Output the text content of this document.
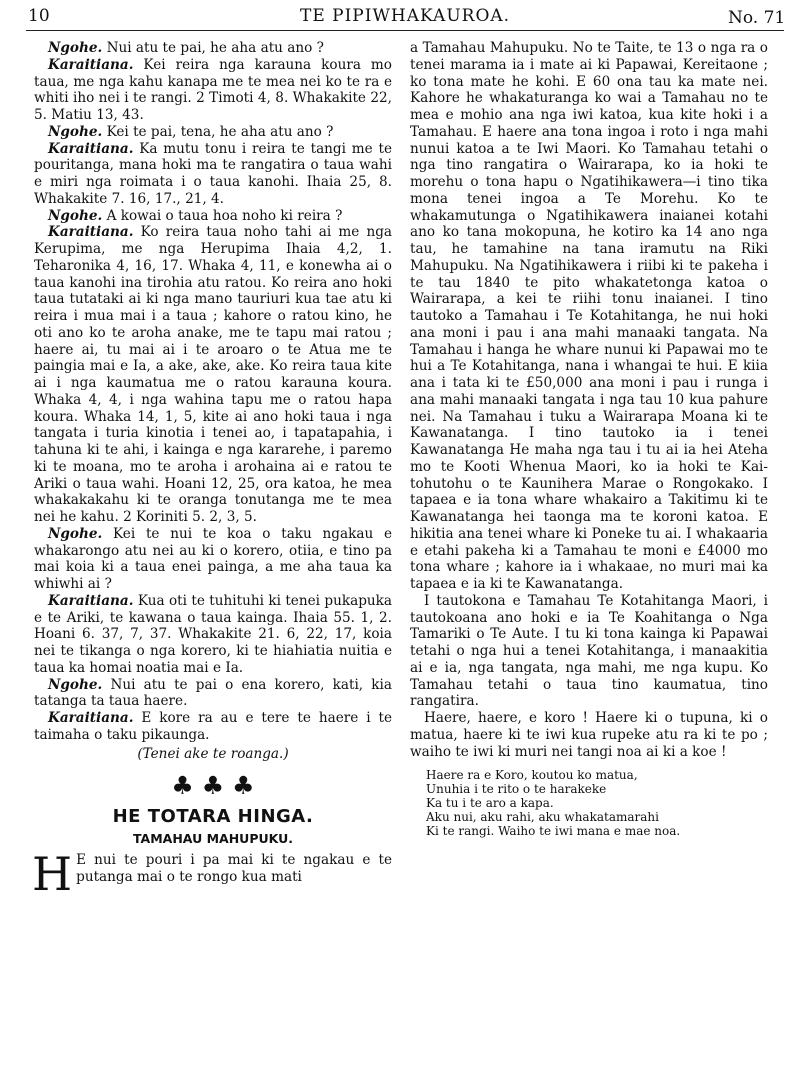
10	TE PIPIWHAKAUROA.	No. 71

Ngohe. Nui atu te pai, he aha atu ano ?

Karaitiana. Kei reira nga karauna koura mo taua, me nga kahu kanapa me te mea nei ko te ra e whiti iho nei i te rangi. 2 Timoti 4, 8. Whakakite 22, 5. Matiu 13, 43.

Ngohe. Kei te pai, tena, he aha atu ano ?

Karaitiana. Ka mutu tonu i reira te tangi me te pouritanga, mana hoki ma te rangatira o taua wahi e miri nga roimata i o taua kanohi. Ihaia 25, 8. Whakakite 7. 16, 17., 21, 4.

Ngohe. A kowai o taua hoa noho ki reira ?

Karaitiana. Ko reira taua noho tahi ai me nga Kerupima, me nga Herupima Ihaia 4,2, 1. Teharonika 4, 16, 17. Whaka 4, 11, e konewha ai o taua kanohi ina tirohia atu ratou. Ko reira ano hoki taua tutataki ai ki nga mano tauriuri kua tae atu ki reira i mua mai i a taua ; kahore o ratou kino, he oti ano ko te aroha anake, me te tapu mai ratou ; haere ai, tu mai ai i te aroaro o te Atua me te paingia mai e Ia, a ake, ake, ake. Ko reira taua kite ai i nga kaumatua me o ratou karauna koura. Whaka 4, 4, i nga wahina tapu me o ratou hapa koura. Whaka 14, 1, 5, kite ai ano hoki taua i nga tangata i turia kinotia i tenei ao, i tapatapahia, i tahuna ki te ahi, i kainga e nga kararehe, i paremo ki te moana, mo te aroha i arohaina ai e ratou te Ariki o taua wahi. Hoani 12, 25, ora katoa, he mea whakakakahu ki te oranga tonutanga me te mea nei he kahu. 2 Koriniti 5. 2, 3, 5.

Ngohe. Kei te nui te koa o taku ngakau e whakarongo atu nei au ki o korero, otiia, e tino pa mai koia ki a taua enei painga, a me aha taua ka whiwhi ai ?

Karaitiana. Kua oti te tuhituhi ki tenei pukapuka e te Ariki, te kawana o taua kainga. Ihaia 55. 1, 2. Hoani 6. 37, 7, 37. Whakakite 21. 6, 22, 17, koia nei te tikanga o nga korero, ki te hiahiatia nuitia e taua ka homai noatia mai e Ia.

Ngohe. Nui atu te pai o ena korero, kati, kia tatanga ta taua haere.

Karaitiana. E kore ra au e tere te haere i te taimaha o taku pikaunga.

(Tenei ake te roanga.)

♣ ♣ ♣
HE TOTARA HINGA.
TAMAHAU MAHUPUKU.

H E nui te pouri i pa mai ki te ngakau e te putanga mai o te rongo kua mati

a Tamahau Mahupuku. No te Taite, te 13 o nga ra o tenei marama ia i mate ai ki Papawai, Kereitaone ; ko tona mate he kohi. E 60 ona tau ka mate nei. Kahore he whakaturanga ko wai a Tamahau no te mea e mohio ana nga iwi katoa, kua kite hoki i a Tamahau. E haere ana tona ingoa i roto i nga mahi nunui katoa a te Iwi Maori. Ko Tamahau tetahi o nga tino rangatira o Wairarapa, ko ia hoki te morehu o tona hapu o Ngatihikawera—i tino tika mona tenei ingoa a Te Morehu. Ko te whakamutunga o Ngatihikawera inaianei kotahi ano ko tana mokopuna, he kotiro ka 14 ano nga tau, he tamahine na tana iramutu na Riki Mahupuku. Na Ngatihikawera i riibi ki te pakeha i te tau 1840 te pito whakatetonga katoa o Wairarapa, a kei te riihi tonu inaianei. I tino tautoko a Tamahau i Te Kotahitanga, he nui hoki ana moni i pau i ana mahi manaaki tangata. Na Tamahau i hanga he whare nunui ki Papawai mo te hui a Te Kotahitanga, nana i whangai te hui. E kiia ana i tata ki te £50,000 ana moni i pau i runga i ana mahi manaaki tangata i nga tau 10 kua pahure nei. Na Tamahau i tuku a Wairarapa Moana ki te Kawanatanga. I tino tautoko ia i tenei Kawanatanga He maha nga tau i tu ai ia hei Ateha mo te Kooti Whenua Maori, ko ia hoki te Kai-tohutohu o te Kaunihera Marae o Rongokako. I tapaea e ia tona whare whakairo a Takitimu ki te Kawanatanga hei taonga ma te koroni katoa. E hikitia ana tenei whare ki Poneke tu ai. I whakaaria e etahi pakeha ki a Tamahau te moni e £4000 mo tona whare ; kahore ia i whakaae, no muri mai ka tapaea e ia ki te Kawanatanga.

I tautokona e Tamahau Te Kotahitanga Maori, i tautokoana ano hoki e ia Te Koahitanga o Nga Tamariki o Te Aute. I tu ki tona kainga ki Papawai tetahi o nga hui a tenei Kotahitanga, i manaakitia ai e ia, nga tangata, nga mahi, me nga kupu. Ko Tamahau tetahi o taua tino kaumatua, tino rangatira.

Haere, haere, e koro ! Haere ki o tupuna, ki o matua, haere ki te iwi kua rupeke atu ra ki te po ; waiho te iwi ki muri nei tangi noa ai ki a koe !

Haere ra e Koro, koutou ko matua,
Unuhia i te rito o te harakeke
Ka tu i te aro a kapa.
Aku nui, aku rahi, aku whakatamarahi
Ki te rangi. Waiho te iwi mana e mae noa.
